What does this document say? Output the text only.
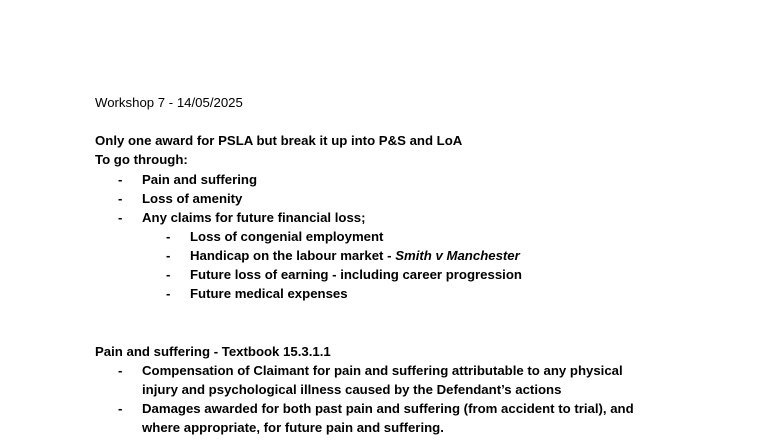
Workshop 7 - 14/05/2025
Only one award for PSLA but break it up into P&S and LoA
To go through:
- Pain and suffering
- Loss of amenity
- Any claims for future financial loss;
- Loss of congenial employment
- Handicap on the labour market - Smith v Manchester
- Future loss of earning - including career progression
- Future medical expenses
Pain and suffering - Textbook 15.3.1.1
- Compensation of Claimant for pain and suffering attributable to any physical
injury and psychological illness caused by the Defendant’s actions
- Damages awarded for both past pain and suffering (from accident to trial), and
where appropriate, for future pain and suffering.
